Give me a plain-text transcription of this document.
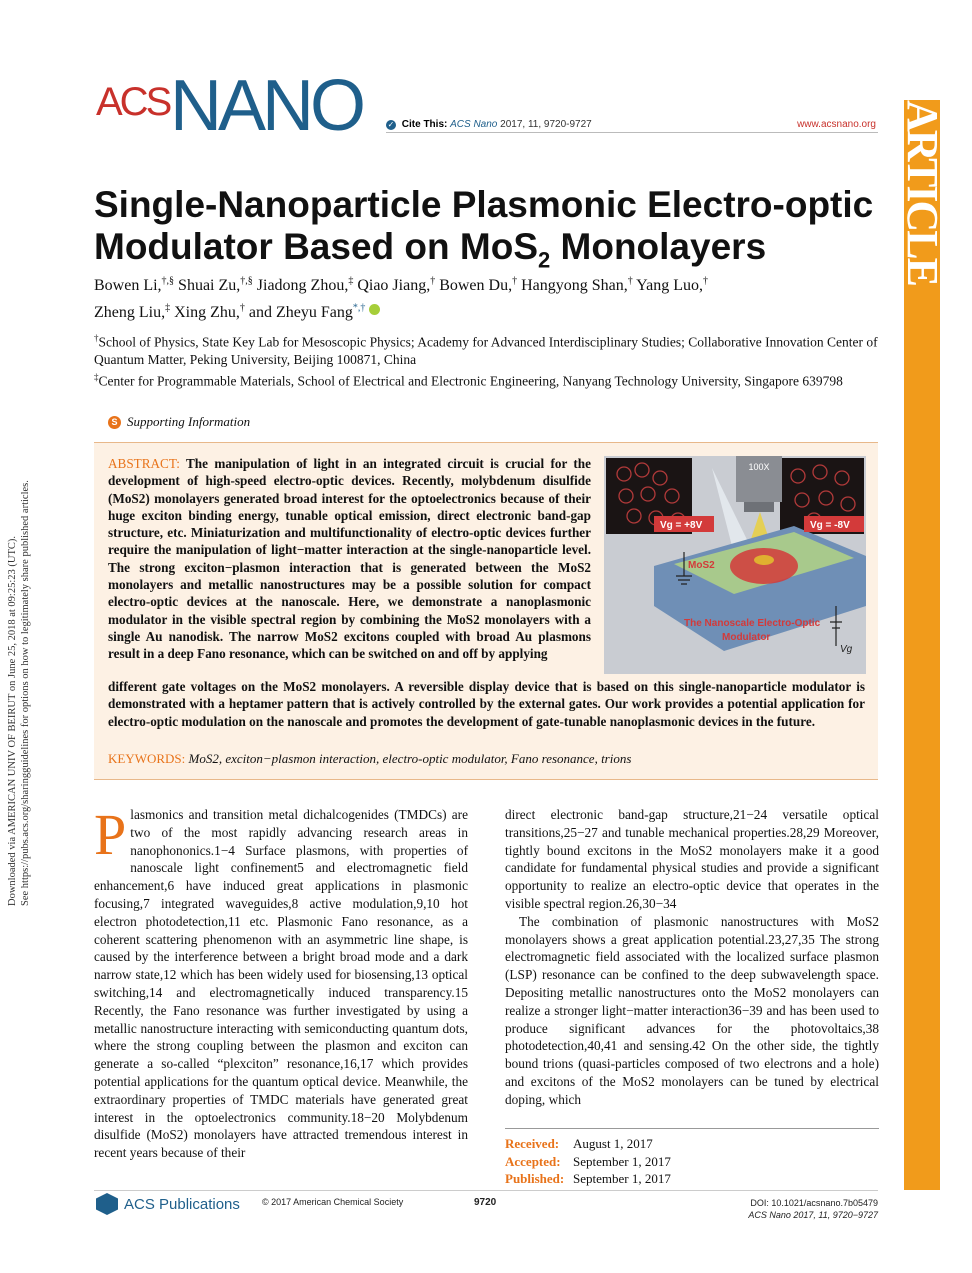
Downloaded via AMERICAN UNIV OF BEIRUT on June 25, 2018 at 09:25:23 (UTC). See https://pubs.acs.org/sharingguidelines for options on how to legitimately share published articles.
ACS NANO	✓ Cite This: ACS Nano 2017, 11, 9720-9727	www.acsnano.org ARTICLE
Single-Nanoparticle Plasmonic Electro-optic
Modulator Based on MoS$_2$ Monolayers
Bowen Li,†,§ Shuai Zu,†,§ Jiadong Zhou,‡ Qiao Jiang,† Bowen Du,† Hangyong Shan,† Yang Luo,†
Zheng Liu,‡ Xing Zhu,† and Zheyu Fang*,†
†School of Physics, State Key Lab for Mesoscopic Physics; Academy for Advanced Interdisciplinary Studies; Collaborative Innovation Center of Quantum Matter, Peking University, Beijing 100871, China
‡Center for Programmable Materials, School of Electrical and Electronic Engineering, Nanyang Technology University, Singapore 639798
S Supporting Information
ABSTRACT: The manipulation of light in an integrated circuit is crucial for the development of high-speed electro-optic devices. Recently, molybdenum disulfide (MoS2) monolayers generated broad interest for the optoelectronics because of their huge exciton binding energy, tunable optical emission, direct electronic band-gap structure, etc. Miniaturization and multifunctionality of electro-optic devices further require the manipulation of light−matter interaction at the single-nanoparticle level. The strong exciton−plasmon interaction that is generated between the MoS2 monolayers and metallic nanostructures may be a possible solution for compact electro-optic devices at the nanoscale. Here, we demonstrate a nanoplasmonic modulator in the visible spectral region by combining the MoS2 monolayers with a single Au nanodisk. The narrow MoS2 excitons coupled with broad Au plasmons result in a deep Fano resonance, which can be switched on and off by applying
different gate voltages on the MoS2 monolayers. A reversible display device that is based on this single-nanoparticle modulator is demonstrated with a heptamer pattern that is actively controlled by the external gates. Our work provides a potential application for electro-optic modulation on the nanoscale and promotes the development of gate-tunable nanoplasmonic devices in the future.
100X
Vg = +8V	Vg = -8V
MoS2
The Nanoscale Electro-Optic
Modulator
Vg
KEYWORDS: MoS2, exciton−plasmon interaction, electro-optic modulator, Fano resonance, trions
Plasmonics and transition metal dichalcogenides (TMDCs) are two of the most rapidly advancing research areas in nanophononics.1−4 Surface plasmons, with properties of nanoscale light confinement5 and electromagnetic field enhancement,6 have induced great applications in plasmonic focusing,7 integrated waveguides,8 active modulation,9,10 hot electron photodetection,11 etc. Plasmonic Fano resonance, as a coherent scattering phenomenon with an asymmetric line shape, is caused by the interference between a bright broad mode and a dark narrow state,12 which has been widely used for biosensing,13 optical switching,14 and electromagnetically induced transparency.15 Recently, the Fano resonance was further investigated by using a metallic nanostructure interacting with semiconducting quantum dots, where the strong coupling between the plasmon and exciton can generate a so-called “plexciton” resonance,16,17 which provides potential applications for the quantum optical device. Meanwhile, the extraordinary properties of TMDC materials have generated great interest in the optoelectronics community.18−20 Molybdenum disulfide (MoS2) monolayers have attracted tremendous interest in recent years because of their
direct electronic band-gap structure,21−24 versatile optical transitions,25−27 and tunable mechanical properties.28,29 Moreover, tightly bound excitons in the MoS2 monolayers make it a good candidate for fundamental physical studies and provide a significant opportunity to realize an electro-optic device that operates in the visible spectral region.26,30−34
The combination of plasmonic nanostructures with MoS2 monolayers shows a great application potential.23,27,35 The strong electromagnetic field associated with the localized surface plasmon (LSP) resonance can be confined to the deep subwavelength space. Depositing metallic nanostructures onto the MoS2 monolayers can realize a stronger light−matter interaction36−39 and has been used to produce significant advances for the photovoltaics,38 photodetection,40,41 and sensing.42 On the other side, the tightly bound trions (quasi-particles composed of two electrons and a hole) and excitons of the MoS2 monolayers can be tuned by electrical doping, which
Received: August 1, 2017
Accepted: September 1, 2017
Published: September 1, 2017
ACS Publications © 2017 American Chemical Society	9720	DOI: 10.1021/acsnano.7b05479
ACS Nano 2017, 11, 9720−9727
